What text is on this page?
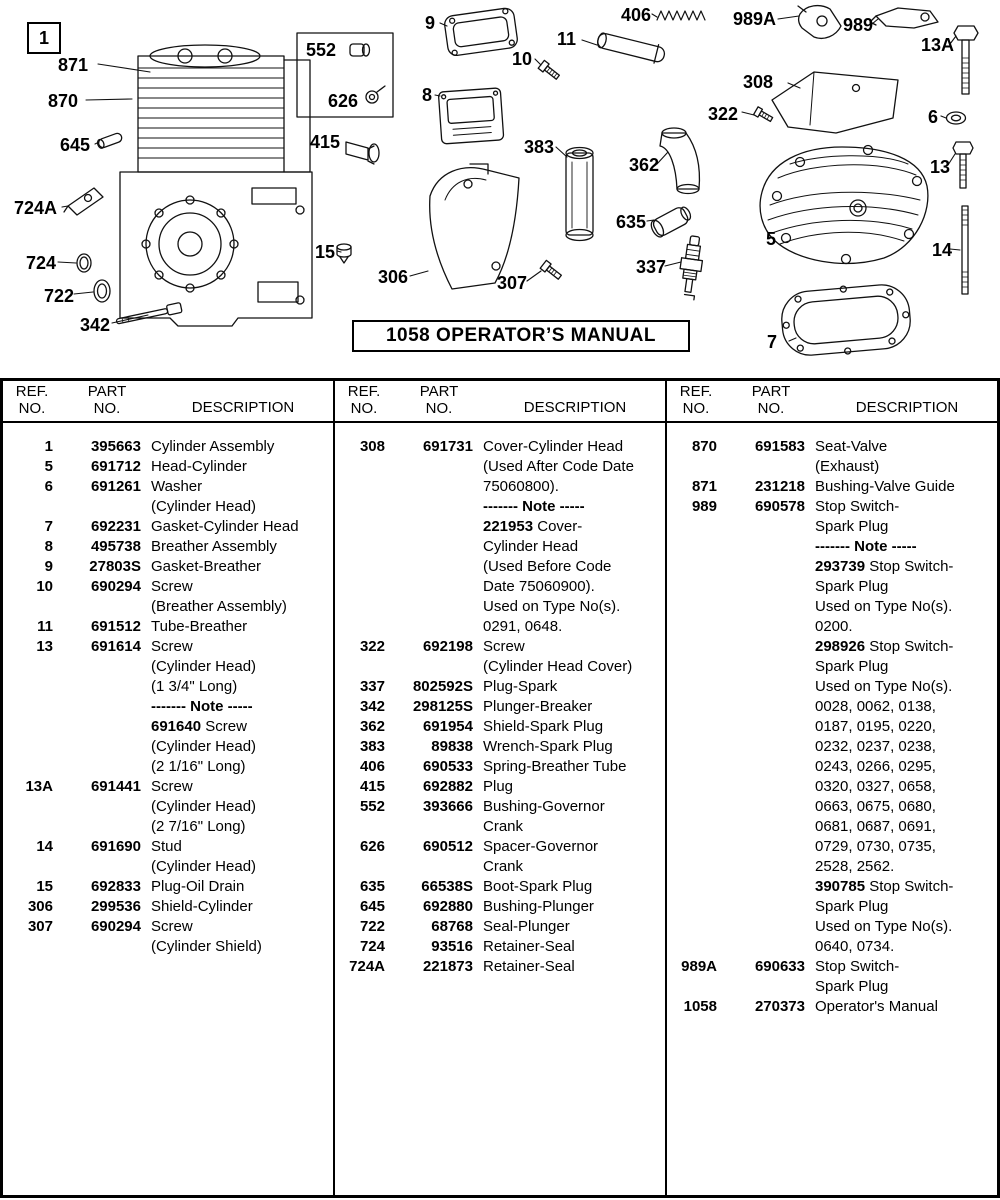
1
871
870
645
724A
724
722
342
552
626
415
15
306
9
8
10
11
383
307
362
635
337
406	989A	989
13A
308
322	6
13
5
14
7
1058 OPERATOR’S MANUAL
REF.
NO.
PART
NO.	DESCRIPTION
1	395663 Cylinder Assembly
5	691712 Head-Cylinder
6	691261 Washer
(Cylinder Head)
7	692231 Gasket-Cylinder Head
8	495738 Breather Assembly
9	27803S Gasket-Breather
10	690294 Screw
(Breather Assembly)
11	691512 Tube-Breather
13	691614 Screw
(Cylinder Head)
(1 3/4" Long)
------- Note -----
691640 Screw
(Cylinder Head)
(2 1/16" Long)
13A	691441 Screw
(Cylinder Head)
(2 7/16" Long)
14	691690 Stud
(Cylinder Head)
15	692833 Plug-Oil Drain
306	299536 Shield-Cylinder
307	690294 Screw
(Cylinder Shield)
REF.
NO.
PART
NO.	DESCRIPTION
308	691731 Cover-Cylinder Head
(Used After Code Date
75060800).
------- Note -----
221953 Cover-
Cylinder Head
(Used Before Code
Date 75060900).
Used on Type No(s).
0291, 0648.
322	692198 Screw
(Cylinder Head Cover)
337	802592S Plug-Spark
342	298125S Plunger-Breaker
362	691954 Shield-Spark Plug
383	89838 Wrench-Spark Plug
406	690533 Spring-Breather Tube
415	692882 Plug
552	393666 Bushing-Governor
Crank
626	690512 Spacer-Governor
Crank
635	66538S Boot-Spark Plug
645	692880 Bushing-Plunger
722	68768 Seal-Plunger
724	93516 Retainer-Seal
724A	221873 Retainer-Seal
REF.
NO.
PART
NO.	DESCRIPTION
870	691583 Seat-Valve
(Exhaust)
871	231218 Bushing-Valve Guide
989	690578 Stop Switch-
Spark Plug
------- Note -----
293739 Stop Switch-
Spark Plug
Used on Type No(s).
0200.
298926 Stop Switch-
Spark Plug
Used on Type No(s).
0028, 0062, 0138,
0187, 0195, 0220,
0232, 0237, 0238,
0243, 0266, 0295,
0320, 0327, 0658,
0663, 0675, 0680,
0681, 0687, 0691,
0729, 0730, 0735,
2528, 2562.
390785 Stop Switch-
Spark Plug
Used on Type No(s).
0640, 0734.
989A	690633 Stop Switch-
Spark Plug
1058	270373 Operator's Manual
